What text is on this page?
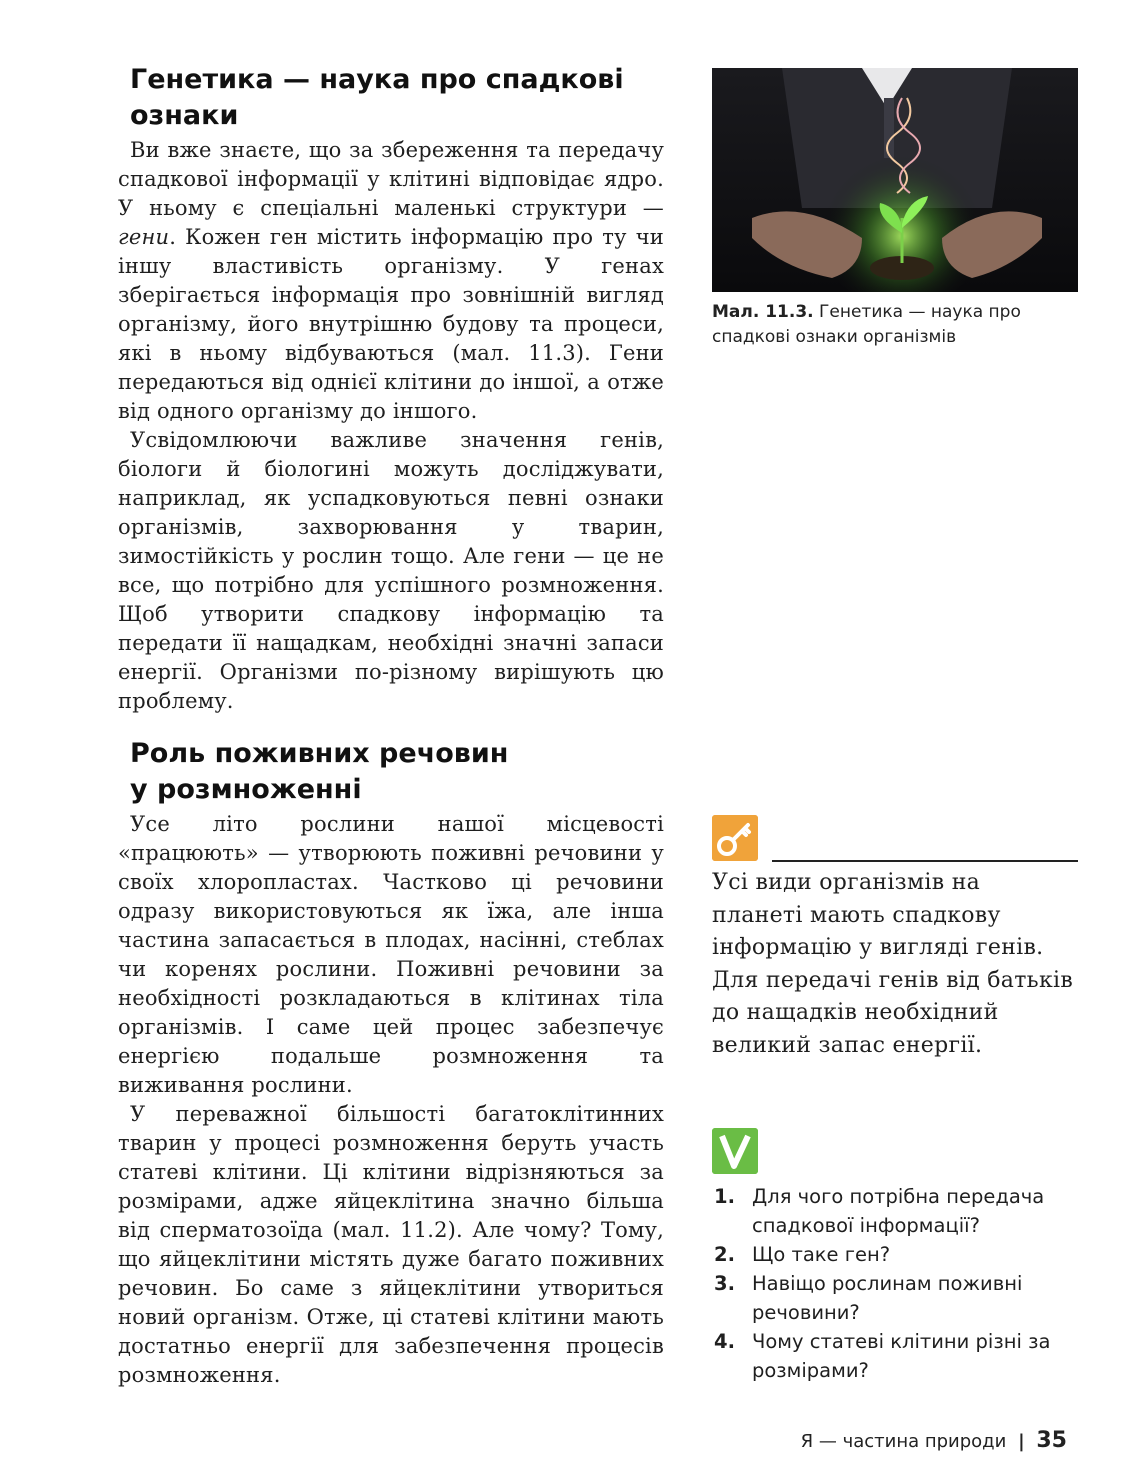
Генетика — наука про спадкові
ознаки

Ви вже знаєте, що за збереження та передачу спадкової інформації у клітині відповідає ядро. У ньому є спеціальні маленькі структури — гени. Кожен ген містить інформацію про ту чи іншу властивість організму. У генах зберігається інформація про зовнішній вигляд організму, його внутрішню будову та процеси, які в ньому відбуваються (мал. 11.3). Гени передаються від однієї клітини до іншої, а отже від одного організму до іншого.

Усвідомлюючи важливе значення генів, біологи й біологині можуть досліджувати, наприклад, як успадковуються певні ознаки організмів, захворювання у тварин, зимостійкість у рослин тощо. Але гени — це не все, що потрібно для успішного розмноження. Щоб утворити спадкову інформацію та передати її нащадкам, необхідні значні запаси енергії. Організми по-різному вирішують цю проблему.

Роль поживних речовин
у розмноженні

Усе літо рослини нашої місцевості «працюють» — утворюють поживні речовини у своїх хлоропластах. Частково ці речовини одразу використовуються як їжа, але інша частина запасається в плодах, насінні, стеблах чи коренях рослини. Поживні речовини за необхідності розкладаються в клітинах тіла організмів. І саме цей процес забезпечує енергією подальше розмноження та виживання рослини.

У переважної більшості багатоклітинних тварин у процесі розмноження беруть участь статеві клітини. Ці клітини відрізняються за розмірами, адже яйцеклітина значно більша від сперматозоїда (мал. 11.2). Але чому? Тому, що яйцеклітини містять дуже багато поживних речовин. Бо саме з яйцеклітини утвориться новий організм. Отже, ці статеві клітини мають достатньо енергії для забезпечення процесів розмноження.

Мал. 11.3. Генетика — наука про спадкові ознаки організмів
Усі види організмів на планеті мають спадкову інформацію у вигляді генів. Для передачі генів від батьків до нащадків необхідний великий запас енергії.
1. Для чого потрібна передача спадкової інформації?
2. Що таке ген?
3. Навіщо рослинам поживні речовини?
4. Чому статеві клітини різні за розмірами?
Я — частина природи | 35
